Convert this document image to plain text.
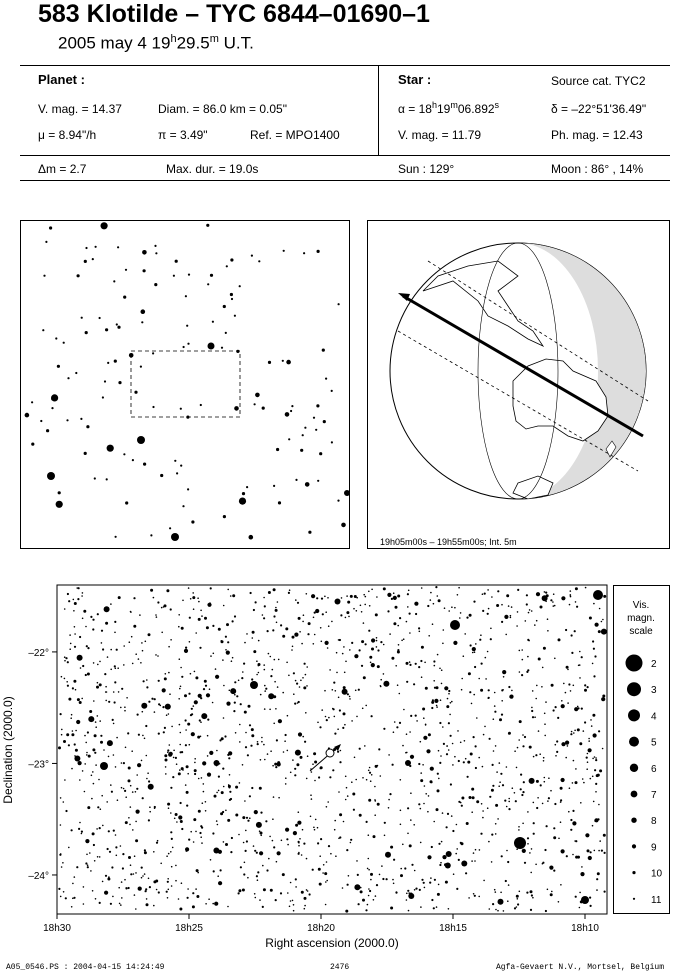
583 Klotilde – TYC 6844–01690–1
2005 may 4 19$^h$29.5$^m$ U.T.
Planet :
V. mag. = 14.37	Diam. = 86.0 km = 0.05"
μ = 8.94"/h	π = 3.49"	Ref. = MPO1400
Δm = 2.7	Max. dur. = 19.0s
Star :	Source cat. TYC2
$\alpha = 18^h19^m06.892^s$	δ = –22°51'36.49"
V. mag. = 11.79	Ph. mag. = 12.43
Sun : 129°	Moon : 86° , 14%
19h05m00s – 19h55m00s; Int. 5m
–22°
–23°
–24°
18h30	18h25	18h20	18h15	18h10
Right ascension (2000.0)
Declination (2000.0)
Vis.
magn.
scale
2
3
4
5
6
7
8
9
10
11
A05_0546.PS : 2004-04-15 14:24:49	2476	Agfa-Gevaert N.V., Mortsel, Belgium
